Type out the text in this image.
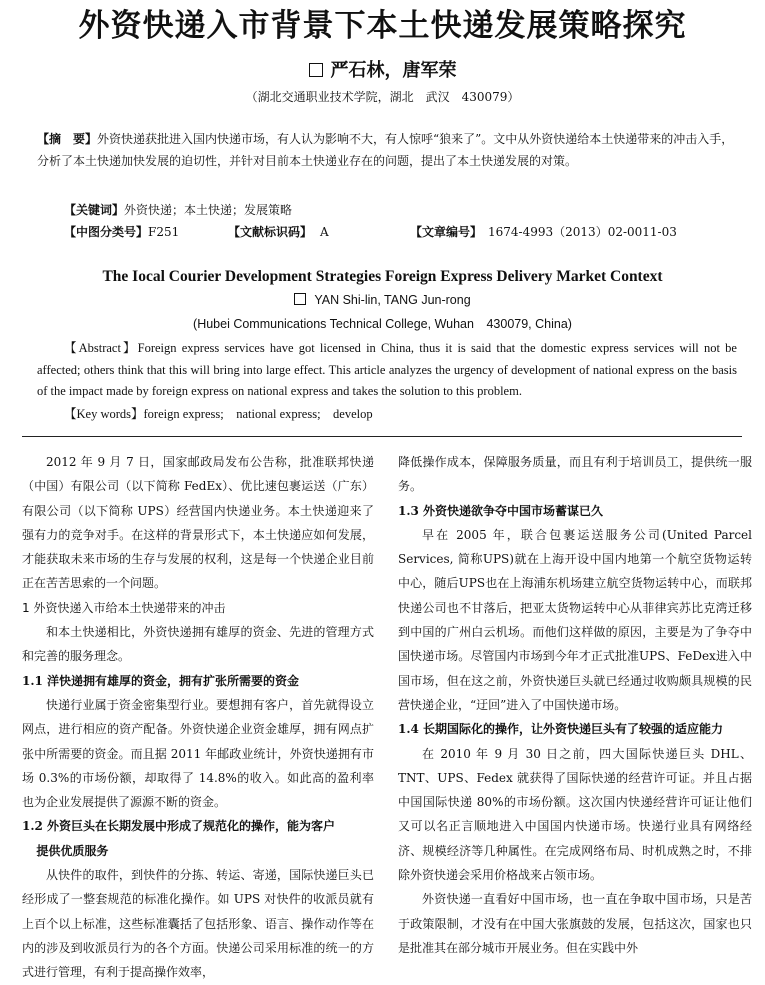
外资快递入市背景下本土快递发展策略探究
严石林，唐军荣
（湖北交通职业技术学院，湖北　武汉　430079）
【摘　要】外资快递获批进入国内快递市场，有人认为影响不大，有人惊呼“狼来了”。文中从外资快递给本土快递带来的冲击入手，分析了本土快递加快发展的迫切性，并针对目前本土快递业存在的问题，提出了本土快递发展的对策。
【关键词】外资快递；本土快递；发展策略
【中图分类号】F251	【文献标识码】 A	【文章编号】 1674-4993（2013）02-0011-03
The Iocal Courier Development Strategies Foreign Express Delivery Market Context
YAN Shi-lin, TANG Jun-rong
(Hubei Communications Technical College, Wuhan　430079, China)
【Abstract】Foreign express services have got licensed in China, thus it is said that the domestic express services will not be affected; others think that this will bring into large effect. This article analyzes the urgency of development of national express on the basis of the impact made by foreign express on national express and takes the solution to this problem.
【Key words】foreign express;　national express;　develop

2012 年 9 月 7 日，国家邮政局发布公告称，批准联邦快递（中国）有限公司（以下简称 FedEx）、优比速包裹运送（广东）有限公司（以下简称 UPS）经营国内快递业务。本土快递迎来了强有力的竞争对手。在这样的背景形式下，本土快递应如何发展，才能获取未来市场的生存与发展的权利，这是每一个快递企业目前正在苦苦思索的一个问题。

1 外资快递入市给本土快递带来的冲击

和本土快递相比，外资快递拥有雄厚的资金、先进的管理方式和完善的服务理念。

1.1 洋快递拥有雄厚的资金，拥有扩张所需要的资金

快递行业属于资金密集型行业。要想拥有客户，首先就得设立网点，进行相应的资产配备。外资快递企业资金雄厚，拥有网点扩张中所需要的资金。而且据 2011 年邮政业统计，外资快递拥有市场 0.3%的市场份额，却取得了 14.8%的收入。如此高的盈利率也为企业发展提供了源源不断的资金。

1.2 外资巨头在长期发展中形成了规范化的操作，能为客户
提供优质服务

从快件的取件，到快件的分拣、转运、寄递，国际快递巨头已经形成了一整套规范的标准化操作。如 UPS 对快件的收派员就有上百个以上标准，这些标准囊括了包括形象、语言、操作动作等在内的涉及到收派员行为的各个方面。快递公司采用标准的统一的方式进行管理，有利于提高操作效率，

降低操作成本，保障服务质量，而且有利于培训员工，提供统一服务。

1.3 外资快递欲争夺中国市场蓄谋已久

早在 2005 年，联合包裹运送服务公司(United Parcel Services, 简称UPS)就在上海开设中国内地第一个航空货物运转中心，随后UPS也在上海浦东机场建立航空货物运转中心，而联邦快递公司也不甘落后，把亚太货物运转中心从菲律宾苏比克湾迁移到中国的广州白云机场。而他们这样做的原因，主要是为了争夺中国快递市场。尽管国内市场到今年才正式批准UPS、FeDex进入中国市场，但在这之前，外资快递巨头就已经通过收购颇具规模的民营快递企业，“迂回”进入了中国快递市场。

1.4 长期国际化的操作，让外资快递巨头有了较强的适应能力

在 2010 年 9 月 30 日之前，四大国际快递巨头 DHL、TNT、UPS、Fedex 就获得了国际快递的经营许可证。并且占据中国国际快递 80%的市场份额。这次国内快递经营许可证让他们又可以名正言顺地进入中国国内快递市场。快递行业具有网络经济、规模经济等几种属性。在完成网络布局、时机成熟之时，不排除外资快递会采用价格战来占领市场。

外资快递一直看好中国市场，也一直在争取中国市场，只是苦于政策限制，才没有在中国大张旗鼓的发展，包括这次，国家也只是批准其在部分城市开展业务。但在实践中外
